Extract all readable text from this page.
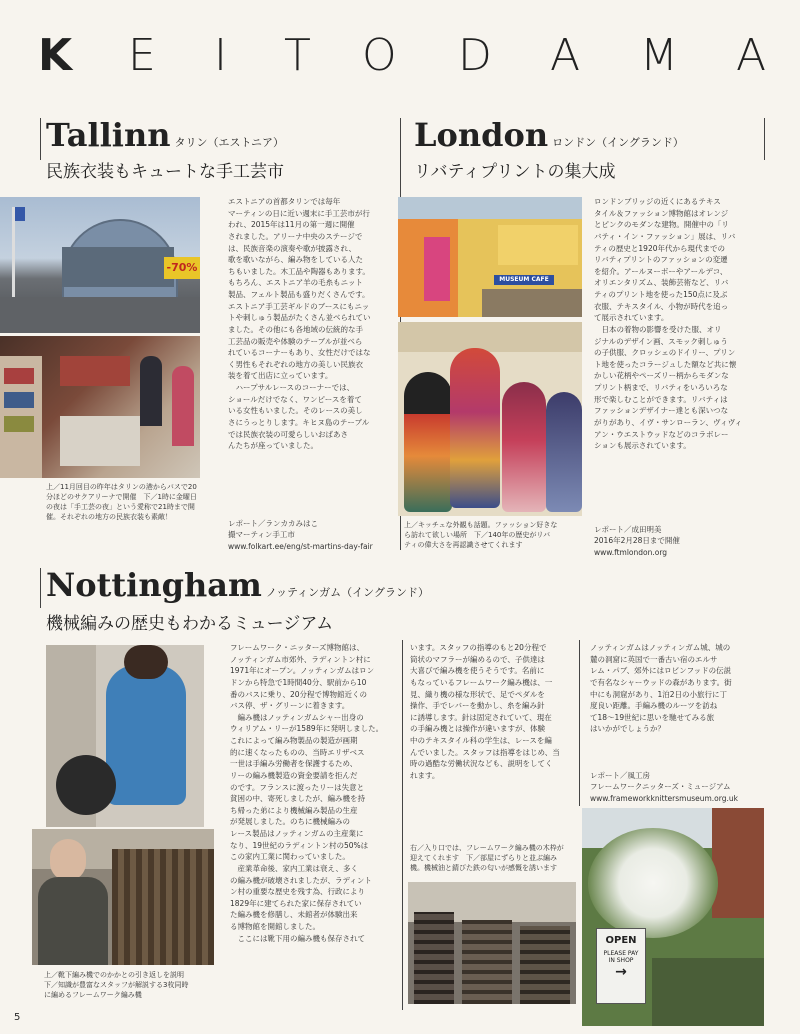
K E I T O D A M A
Tallinn タリン（エストニア）
民族衣装もキュートな手工芸市
-70%
上／11月回目の昨年はタリンの港からバスで20
分ほどのサクアリーナで開催　下／1時に金曜日
の夜は「手工芸の夜」という愛称で21時まで開
催。それぞれの地方の民族衣装も素敵！
エストニアの首都タリンでは毎年
マーティンの日に近い週末に手工芸市が行
われ、2015年は11月の第一週に開催
されました。アリーナ中央のステージで
は、民族音楽の演奏や歌が披露され、
歌を歌いながら、編み物をしている人た
ちもいました。木工品や陶器もあります。
もちろん、エストニア羊の毛糸もニット
製品、フェルト製品も盛りだくさんです。
エストニア手工芸ギルドのブースにもニッ
トや刺しゅう製品がたくさん並べられてい
ました。その他にも各地域の伝統的な手
工芸品の販売や体験のテーブルが並べら
れているコーナーもあり、女性だけではな
く男性もそれぞれの地方の美しい民族衣
装を着て出店に立っています。
　ハープサルレースのコーナーでは、
ショールだけでなく、ワンピースを着て
いる女性もいました。そのレースの美し
さにうっとりします。キヒヌ島のテーブル
では民族衣装の可愛らしいおばあさ
んたちが座っていました。
レポート／ランカカみはこ
撮マーティン手工市
www.folkart.ee/eng/st-martins-day-fair
London ロンドン（イングランド）
リバティプリントの集大成
MUSEUM CAFE
上／キッチュな外観も話題。ファッション好きな
ら訪れて欲しい場所　下／140年の歴史がリバ
ティの偉大さを再認識させてくれます
ロンドンブリッジの近くにあるテキス
タイル＆ファッション博物館はオレンジ
とピンクのモダンな建物。開催中の「リ
バティ・イン・ファッション」展は、リバ
ティの歴史と1920年代から現代までの
リバティプリントのファッションの変遷
を紹介。アールヌーボーやアールデコ、
オリエンタリズム、装飾芸術など、リバ
ティのプリント地を使った150点に及ぶ
衣服、テキスタイル、小物が時代を追っ
て展示されています。
　日本の着物の影響を受けた服、オリ
ジナルのデザイン画、スモック刺しゅう
の子供服、クロッシェのドイリー、プリン
ト地を使ったコラージュした額など共に懐
かしい花柄やペーズリー柄からモダンな
プリント柄まで、リバティをいろいろな
形で楽しむことができます。リバティは
ファッションデザイナー達とも深いつな
がりがあり、イヴ・サンローラン、ヴィヴィ
アン・ウエストウッドなどのコラボレー
ションも展示されています。
レポート／成田明美
2016年2月28日まで開催
www.ftmlondon.org
Nottingham ノッティンガム（イングランド）
機械編みの歴史もわかるミュージアム
上／靴下編み機でのかかとの引き返しを説明
下／知識が豊富なスタッフが解説する3枚同時
に編めるフレームワーク編み機
フレームワーク・ニッターズ博物館は、
ノッティンガム市郊外、ラディントン村に
1971年にオープン。ノッティンガムはロン
ドンから特急で1時間40分、駅前から10
番のバスに乗り、20分程で博物館近くの
バス停、ザ・グリーンに着きます。
　編み機はノッティンガムシャー出身の
ウィリアム・リーが1589年に発明しました。
これによって編み物製品の製造が画期
的に速くなったものの、当時エリザベス
一世は手編み労働者を保護するため、
リーの編み機製造の資金要請を拒んだ
のです。フランスに渡ったリーは失意と
貧困の中、寄死しましたが、編み機を持
ち帰った弟により機械編み製品の生産
が発展しました。のちに機械編みの
レース製品はノッティンガムの主産業に
なり、19世紀のラディントン村の50%は
この家内工業に関わっていました。
　産業革命後、家内工業は衰え、多く
の編み機が破壊されましたが、ラディント
ン村の重要な歴史を残す為、行政により
1829年に建てられた家に保存されてい
た編み機を修膳し、未館者が体験出来
る博物館を開館しました。
　ここには靴下用の編み機も保存されて
います。スタッフの指導のもと20分程で
筒状のマフラーが編めるので、子供達は
大喜びで編み機を使うそうです。名前に
もなっているフレームワーク編み機は、一
見、織り機の様な形状で、足でペダルを
操作、手でレバーを動かし、糸を編み針
に誘導します。針は固定されていて、現在
の手編み機とは操作が違いますが、体験
中のテキスタイル科の学生は、レースを編
んでいました。スタッフは指導をはじめ、当
時の過酷な労働状況なども、説明をしてく
れます。
右／入り口では、フレームワーク編み機の木枠が
迎えてくれます　下／部屋にずらりと並ぶ編み
機。機械油と錆びた鉄の匂いが感慨を誘います
ノッティンガムはノッティンガム城、城の
麓の洞窟に英国で一番古い宿のエルサ
レム・パブ、郊外にはロビンフッドの伝説
で有名なシャーウッドの森があります。街
中にも洞窟があり、1泊2日の小旅行に丁
度良い距離。手編み機のルーツを訪ね
て18～19世紀に思いを馳せてみる旅
はいかがでしょうか？
レポート／風工房
フレームワークニッターズ・ミュージアム
www.frameworkknittersmuseum.org.uk
OPEN
PLEASE PAY
IN SHOP
→
5
